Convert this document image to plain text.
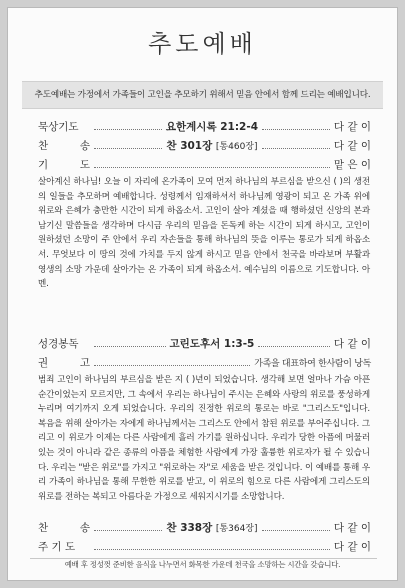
추도예배
추도예배는 가정에서 가족들이 고인을 추모하기 위해서 믿음 안에서 함께 드리는 예배입니다.
묵상기도	요한계시록 21:2-4	다 같 이
찬	송	찬 301장 [통460장]	다 같 이
기	도	맡 은 이
살아계신 하나님! 오늘 이 자리에 온가족이 모여 먼저 하나님의 부르심을 받으신 ( )의 생전의 일들을 추모하며 예배합니다. 성령께서 임재하셔서 하나님께 영광이 되고 온 가족 위에 위로와 은혜가 충만한 시간이 되게 하옵소서. 고인이 살아 계셨을 때 행하셨던 신앙의 본과 남기신 말씀들을 생각하며 다시금 우리의 믿음을 돈독케 하는 시간이 되게 하시고, 고인이 원하셨던 소망이 주 안에서 우리 자손들을 통해 하나님의 뜻을 이루는 통로가 되게 하옵소서. 무엇보다 이 땅의 것에 가치를 두지 않게 하시고 믿음 안에서 천국을 바라보며 부활과 영생의 소망 가운데 살아가는 온 가족이 되게 하옵소서. 예수님의 이름으로 기도합니다. 아멘.
성경봉독	고린도후서 1:3-5	다 같 이
권	고	가족을 대표하여 한사람이 낭독
범죄 고인이 하나님의 부르심을 받은 지 ( )년이 되었습니다. 생각해 보면 얼마나 가슴 아픈 순간이었는지 모르지만, 그 속에서 우리는 하나님이 주시는 은혜와 사랑의 위로를 풍성하게 누리며 여기까지 오게 되었습니다. 우리의 진정한 위로의 통로는 바로 "그리스도"입니다. 복음을 위해 살아가는 자에게 하나님께서는 그리스도 안에서 참된 위로를 부어주십니다. 그리고 이 위로가 이제는 다른 사람에게 흘러 가기를 원하십니다. 우리가 당한 아픔에 머물러 있는 것이 아니라 같은 종류의 아픔을 체험한 사람에게 가장 훌륭한 위로자가 될 수 있습니다. 우리는 "받은 위로"를 가지고 "위로하는 자"로 세움을 받은 것입니다. 이 예배를 통해 우리 가족이 하나님을 통해 무한한 위로를 받고, 이 위로의 힘으로 다른 사람에게 그리스도의 위로를 전하는 복되고 아름다운 가정으로 세워지시기를 소망합니다.
찬	송	찬 338장 [통364장]	다 같 이
주 기 도	다 같 이
예배 후 정성껏 준비한 음식을 나누면서 화목한 가운데 천국을 소망하는 시간을 갖습니다.
